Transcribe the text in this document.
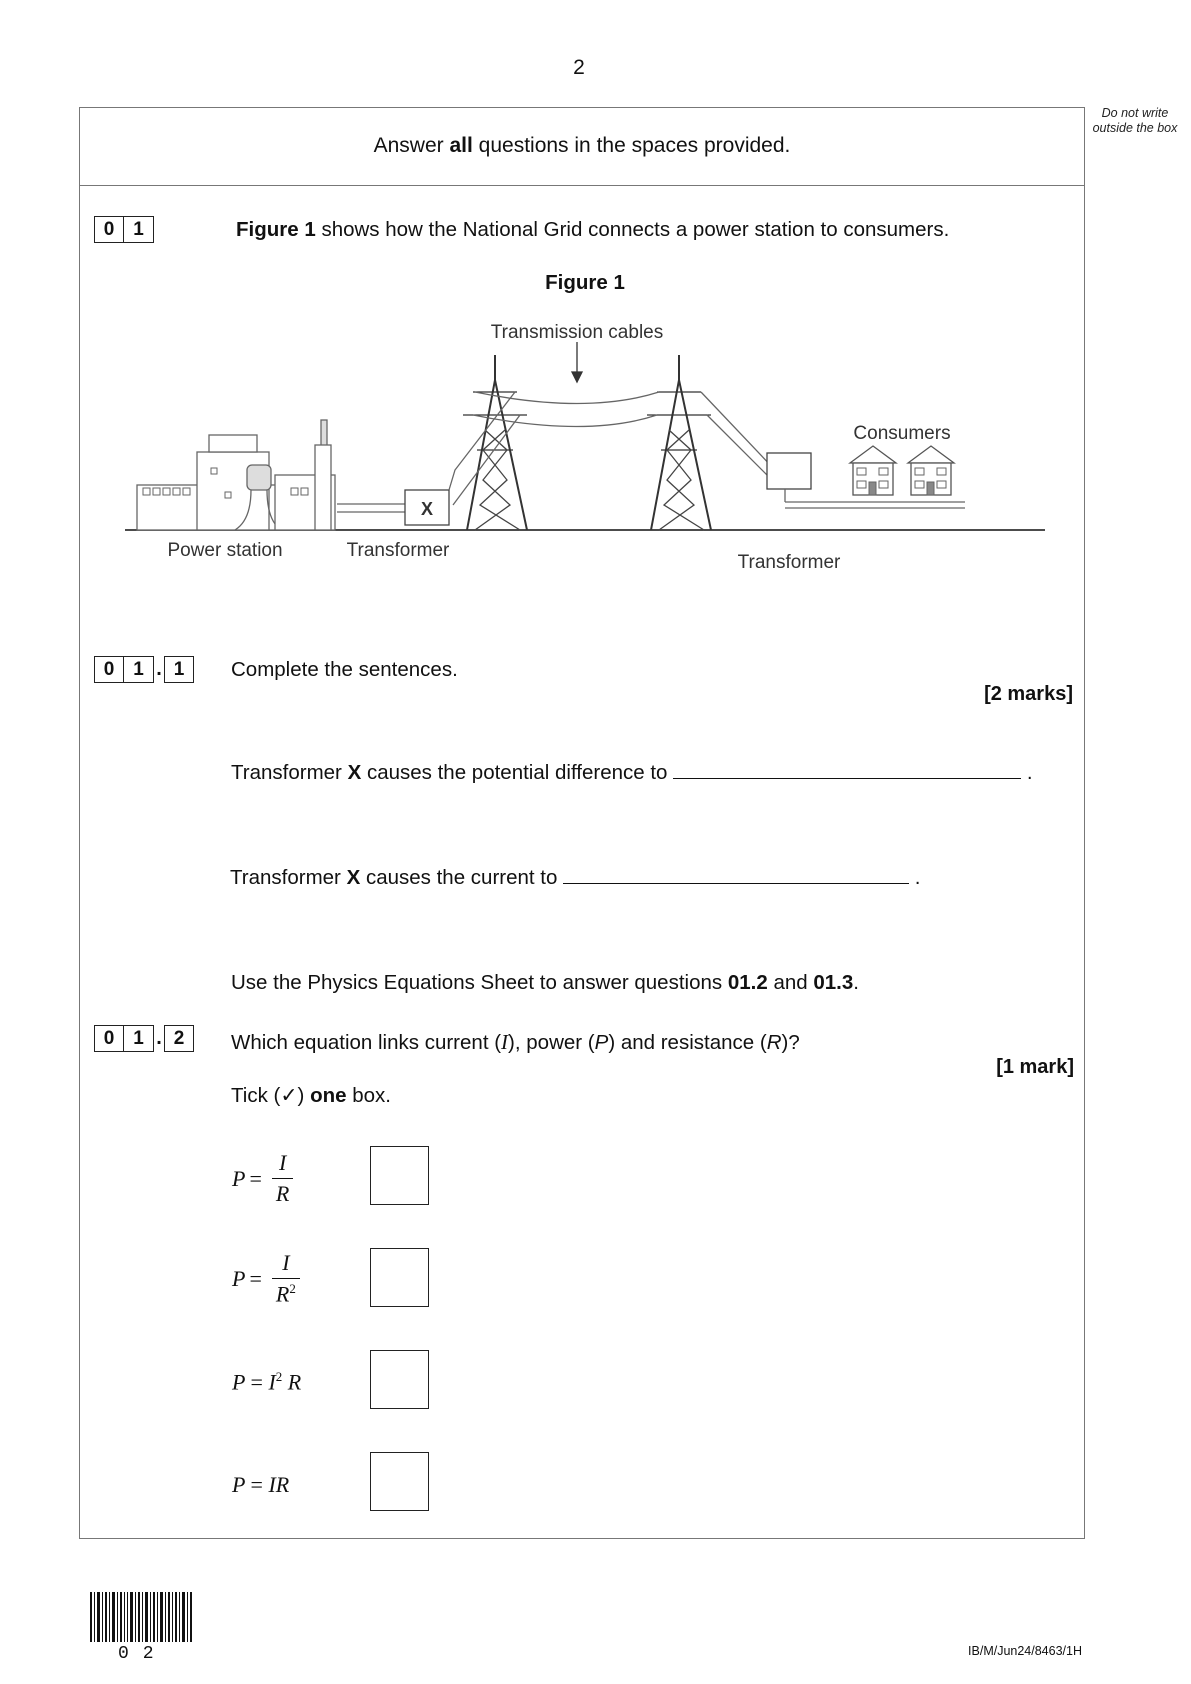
2
Do not write outside the box
Answer all questions in the spaces provided.
0 1	Figure 1 shows how the National Grid connects a power station to consumers.
Figure 1
Transmission cables
Consumers
Power station	Transformer
Transformer
X
0 1 . 1	Complete the sentences.
[2 marks]
Transformer X causes the potential difference to	.
Transformer X causes the current to	.
Use the Physics Equations Sheet to answer questions 01.2 and 01.3.
0 1 . 2	Which equation links current (I), power (P) and resistance (R)?
[1 mark]
Tick (✓) one box.
$P = \frac{I}{R}$
$P = \frac{I}{R^2}$
$P = I^2$ R
P = IR
02	IB/M/Jun24/8463/1H
